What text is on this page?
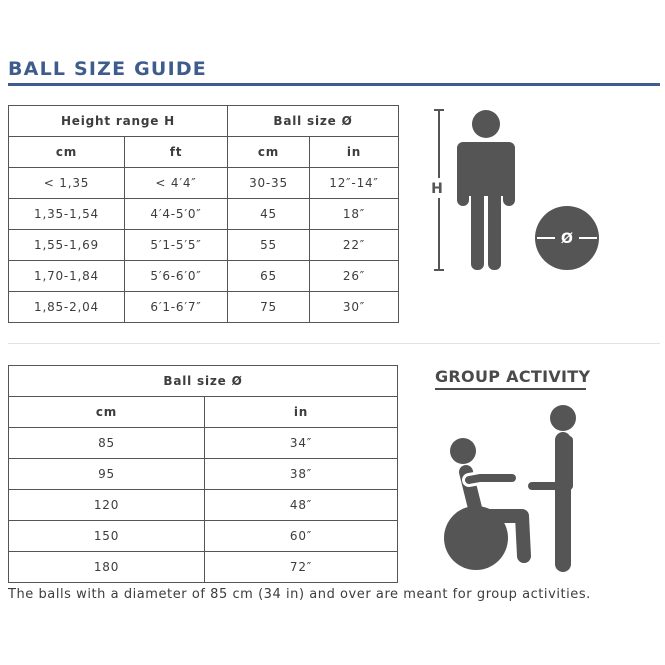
BALL SIZE GUIDE
Height range H		Ball size Ø	
cm	ft	cm	in
< 1,35	< 4′4″	30-35	12″-14″
1,35-1,54	4′4-5′0″	45	18″
1,55-1,69	5′1-5′5″	55	22″
1,70-1,84	5′6-6′0″	65	26″
1,85-2,04	6′1-6′7″	75	30″
H
Ø
Ball size Ø	
cm	in
85	34″
95	38″
120	48″
150	60″
180	72″
GROUP ACTIVITY
The balls with a diameter of 85 cm (34 in) and over are meant for group activities.
